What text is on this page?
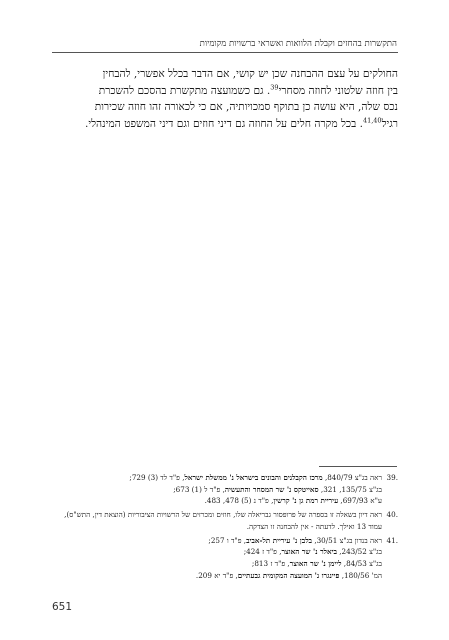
התקשרות בהחזים וקבלת הלוואות ואשראי ברשויות מקומיות

החולקים על עצם ההבחנה שכן יש קושי, אם הדבר בכלל אפשרי, להבחין

בין חוזה שלטוני לחוזה מסחרי$^{39}$. גם כשמועצה מתקשרת בהסכם להשכרת

נכס שלה, היא עושה כן בתוקף סמכויותיה, אם כי לכאורה זהו חוזה שכירות

רגיל$^{41,40}$. בכל מקרה חלים על החוזה גם דיני חוזים וגם דיני המשפט המינהלי.

.39
ראה בג"צ 840/79, מרכז הקבלנים והבונים בישראל נ' ממשלת ישראל, פ"ד לד (3) 729;
בג"צ 135/75, 321, סאייטקס נ' שר המסחר והתעשיה, פ"ד ל (1) 673;
ע"א 697/93, עיריית רמת גן נ' קרשין, פ"ד נ (5) 478, 483.
.40
ראה דיון בשאלה זו בספרה של פרופסור גבריאלה שלו, חוזים ומכרזים של הרשויות הציבוריות (הוצאת דין, התש"ס), עמוד 13 ואילך. לדעתה - אין להבחנה זו הצדקה.
.41
ראה בנדון בג"צ 30/51, בלבן נ' עיריית תל-אביב, פ"ד ו 257;
בג"צ 243/52, ביאלר נ' שר האוצר, פ"ד ז 424;
בג"צ 84/53, ליימן נ' שר האוצר, פ"ד ז 813;
המ' 180/56, פיינגרו נ' המועצה המקומית גבעתיים, פ"ד יא 209.
651
